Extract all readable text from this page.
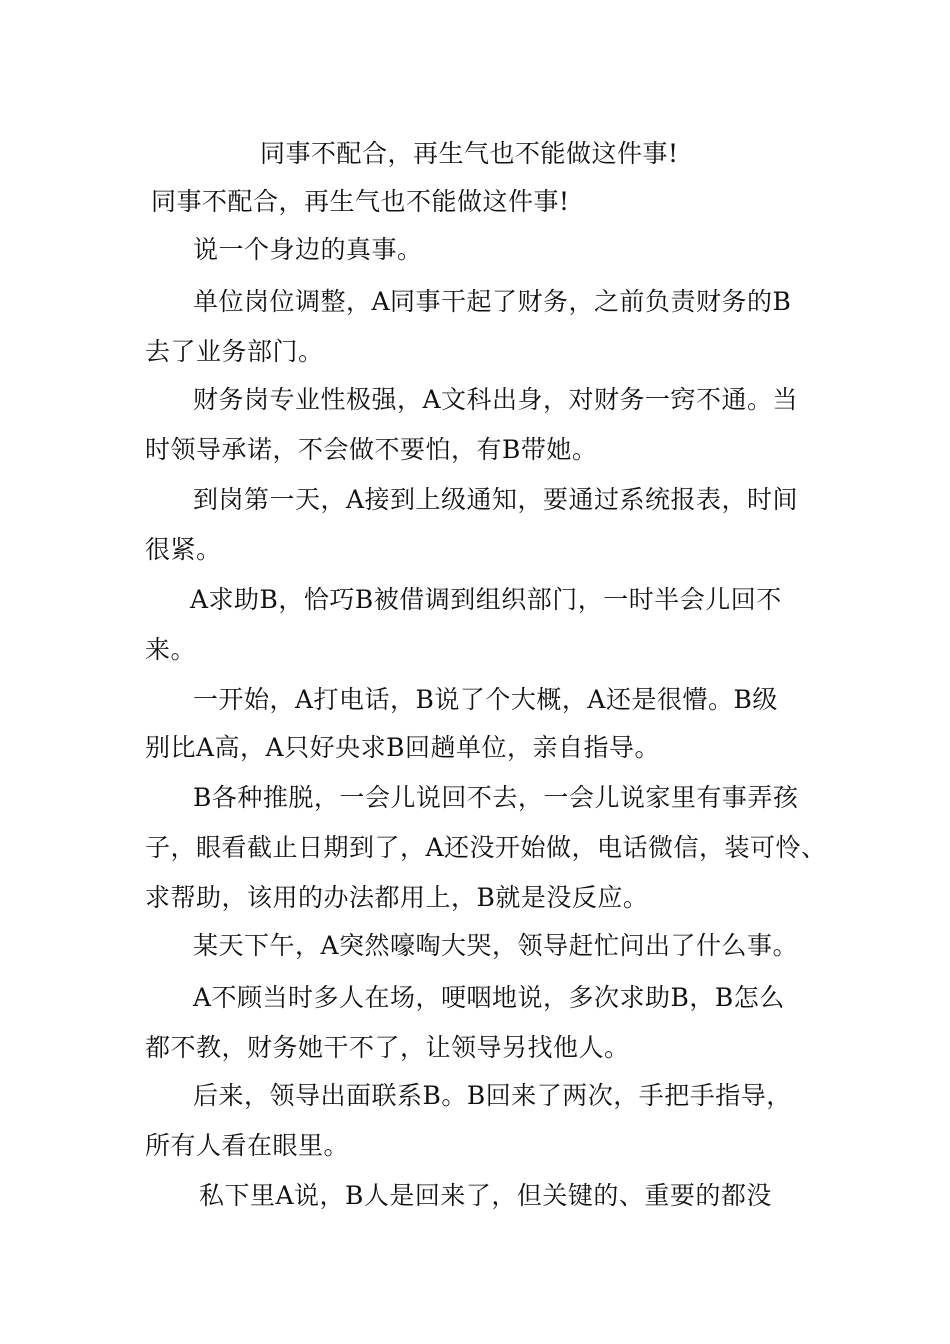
同事不配合，再生气也不能做这件事!
同事不配合，再生气也不能做这件事!
说一个身边的真事。
单位岗位调整，A同事干起了财务，之前负责财务的B
去了业务部门。
财务岗专业性极强，A文科出身，对财务一窍不通。当
时领导承诺，不会做不要怕，有B带她。
到岗第一天，A接到上级通知，要通过系统报表，时间
很紧。
A求助B，恰巧B被借调到组织部门，一时半会儿回不
来。
一开始，A打电话，B说了个大概，A还是很懵。B级
别比A高，A只好央求B回趟单位，亲自指导。
B各种推脱，一会儿说回不去，一会儿说家里有事弄孩
子，眼看截止日期到了，A还没开始做，电话微信，装可怜、
求帮助，该用的办法都用上，B就是没反应。
某天下午，A突然嚎啕大哭，领导赶忙问出了什么事。
A不顾当时多人在场，哽咽地说，多次求助B，B怎么
都不教，财务她干不了，让领导另找他人。
后来，领导出面联系B。B回来了两次，手把手指导，
所有人看在眼里。
私下里A说，B人是回来了，但关键的、重要的都没
